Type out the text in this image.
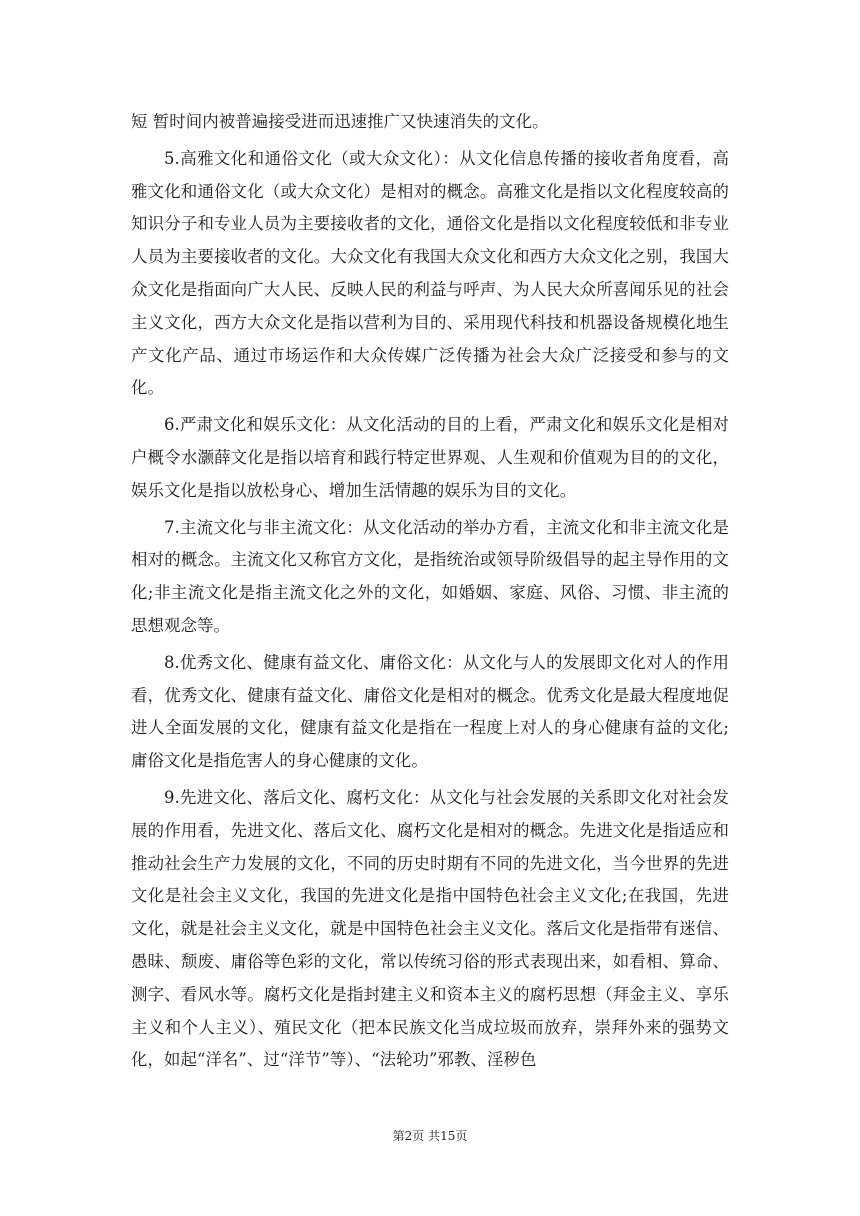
短 暂时间内被普遍接受进而迅速推广又快速消失的文化。

5.高雅文化和通俗文化（或大众文化）：从文化信息传播的接收者角度看，高雅文化和通俗文化（或大众文化）是相对的概念。高雅文化是指以文化程度较高的知识分子和专业人员为主要接收者的文化，通俗文化是指以文化程度较低和非专业人员为主要接收者的文化。大众文化有我国大众文化和西方大众文化之别，我国大众文化是指面向广大人民、反映人民的利益与呼声、为人民大众所喜闻乐见的社会主义文化，西方大众文化是指以营利为目的、采用现代科技和机器设备规模化地生产文化产品、通过市场运作和大众传媒广泛传播为社会大众广泛接受和参与的文化。

6.严肃文化和娱乐文化：从文化活动的目的上看，严肃文化和娱乐文化是相对户概令水灏薛文化是指以培育和践行特定世界观、人生观和价值观为目的的文化，娱乐文化是指以放松身心、增加生活情趣的娱乐为目的文化。

7.主流文化与非主流文化：从文化活动的举办方看，主流文化和非主流文化是相对的概念。主流文化又称官方文化，是指统治或领导阶级倡导的起主导作用的文化;非主流文化是指主流文化之外的文化，如婚姻、家庭、风俗、习惯、非主流的思想观念等。

8.优秀文化、健康有益文化、庸俗文化：从文化与人的发展即文化对人的作用看，优秀文化、健康有益文化、庸俗文化是相对的概念。优秀文化是最大程度地促进人全面发展的文化，健康有益文化是指在一程度上对人的身心健康有益的文化;庸俗文化是指危害人的身心健康的文化。

9.先进文化、落后文化、腐朽文化：从文化与社会发展的关系即文化对社会发展的作用看，先进文化、落后文化、腐朽文化是相对的概念。先进文化是指适应和推动社会生产力发展的文化，不同的历史时期有不同的先进文化，当今世界的先进文化是社会主义文化，我国的先进文化是指中国特色社会主义文化;在我国，先进文化，就是社会主义文化，就是中国特色社会主义文化。落后文化是指带有迷信、愚昧、颓废、庸俗等色彩的文化，常以传统习俗的形式表现出来，如看相、算命、测字、看风水等。腐朽文化是指封建主义和资本主义的腐朽思想（拜金主义、享乐主义和个人主义）、殖民文化（把本民族文化当成垃圾而放弃，崇拜外来的强势文化，如起“洋名”、过“洋节”等）、“法轮功”邪教、淫秽色

第2页 共15页
